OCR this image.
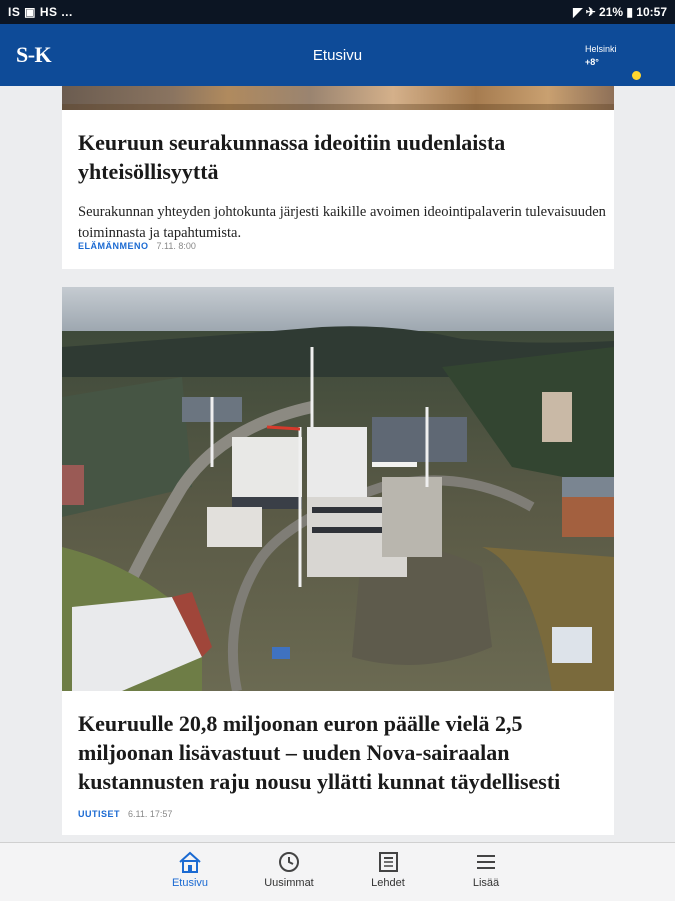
IS ▣ HS ...	◤ ✈ 21% ▮ 10:57
S-K	Etusivu	Helsinki
+8°
Keuruun seurakunnassa ideoitiin uudenlaista yhteisöllisyyttä
Seurakunnan yhteyden johtokunta järjesti kaikille avoimen ideointipalaverin tulevaisuuden toiminnasta ja tapahtumista.
ELÄMÄNMENO 7.11. 8:00
Keuruulle 20,8 miljoonan euron päälle vielä 2,5 miljoonan lisävastuut – uuden Nova-sairaalan kustannusten raju nousu yllätti kunnat täydellisesti
UUTISET 6.11. 17:57
Etusivu	Uusimmat	Lehdet	Lisää
